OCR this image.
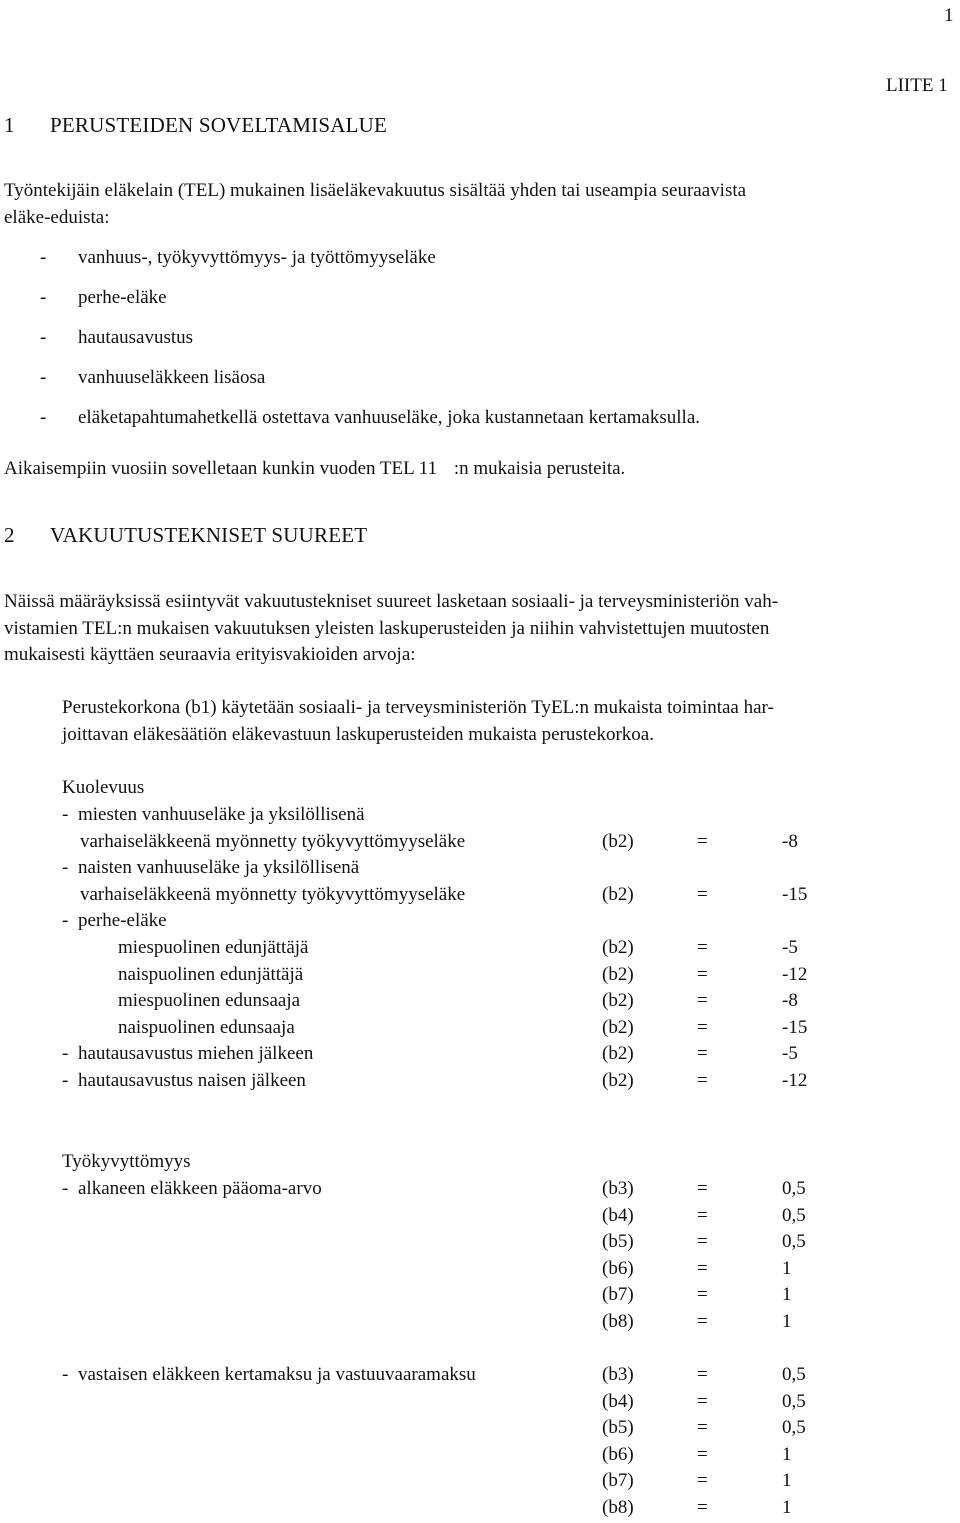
1
LIITE 1
1 PERUSTEIDEN SOVELTAMISALUE
Työntekijäin eläkelain (TEL) mukainen lisäeläkevakuutus sisältää yhden tai useampia seuraavista
eläke-eduista:
- vanhuus-, työkyvyttömyys- ja työttömyyseläke
- perhe-eläke
- hautausavustus
- vanhuuseläkkeen lisäosa
- eläketapahtumahetkellä ostettava vanhuuseläke, joka kustannetaan kertamaksulla.
Aikaisempiin vuosiin sovelletaan kunkin vuoden TEL 11 :n mukaisia perusteita.
2 VAKUUTUSTEKNISET SUUREET
Näissä määräyksissä esiintyvät vakuutustekniset suureet lasketaan sosiaali- ja terveysministeriön vah-
vistamien TEL:n mukaisen vakuutuksen yleisten laskuperusteiden ja niihin vahvistettujen muutosten
mukaisesti käyttäen seuraavia erityisvakioiden arvoja:
Perustekorkona (b1) käytetään sosiaali- ja terveysministeriön TyEL:n mukaista toimintaa har-
joittavan eläkesäätiön eläkevastuun laskuperusteiden mukaista perustekorkoa.
Kuolevuus
- miesten vanhuuseläke ja yksilöllisenä
varhaiseläkkeenä myönnetty työkyvyttömyyseläke	(b2)	=	-8
- naisten vanhuuseläke ja yksilöllisenä
varhaiseläkkeenä myönnetty työkyvyttömyyseläke	(b2)	=	-15
- perhe-eläke
miespuolinen edunjättäjä	(b2)	=	-5
naispuolinen edunjättäjä	(b2)	=	-12
miespuolinen edunsaaja	(b2)	=	-8
naispuolinen edunsaaja	(b2)	=	-15
- hautausavustus miehen jälkeen	(b2)	=	-5
- hautausavustus naisen jälkeen	(b2)	=	-12
Työkyvyttömyys
- alkaneen eläkkeen pääoma-arvo	(b3)	=	0,5
(b4)	=	0,5
(b5)	=	0,5
(b6)	=	1
(b7)	=	1
(b8)	=	1
- vastaisen eläkkeen kertamaksu ja vastuuvaaramaksu	(b3)	=	0,5
(b4)	=	0,5
(b5)	=	0,5
(b6)	=	1
(b7)	=	1
(b8)	=	1
